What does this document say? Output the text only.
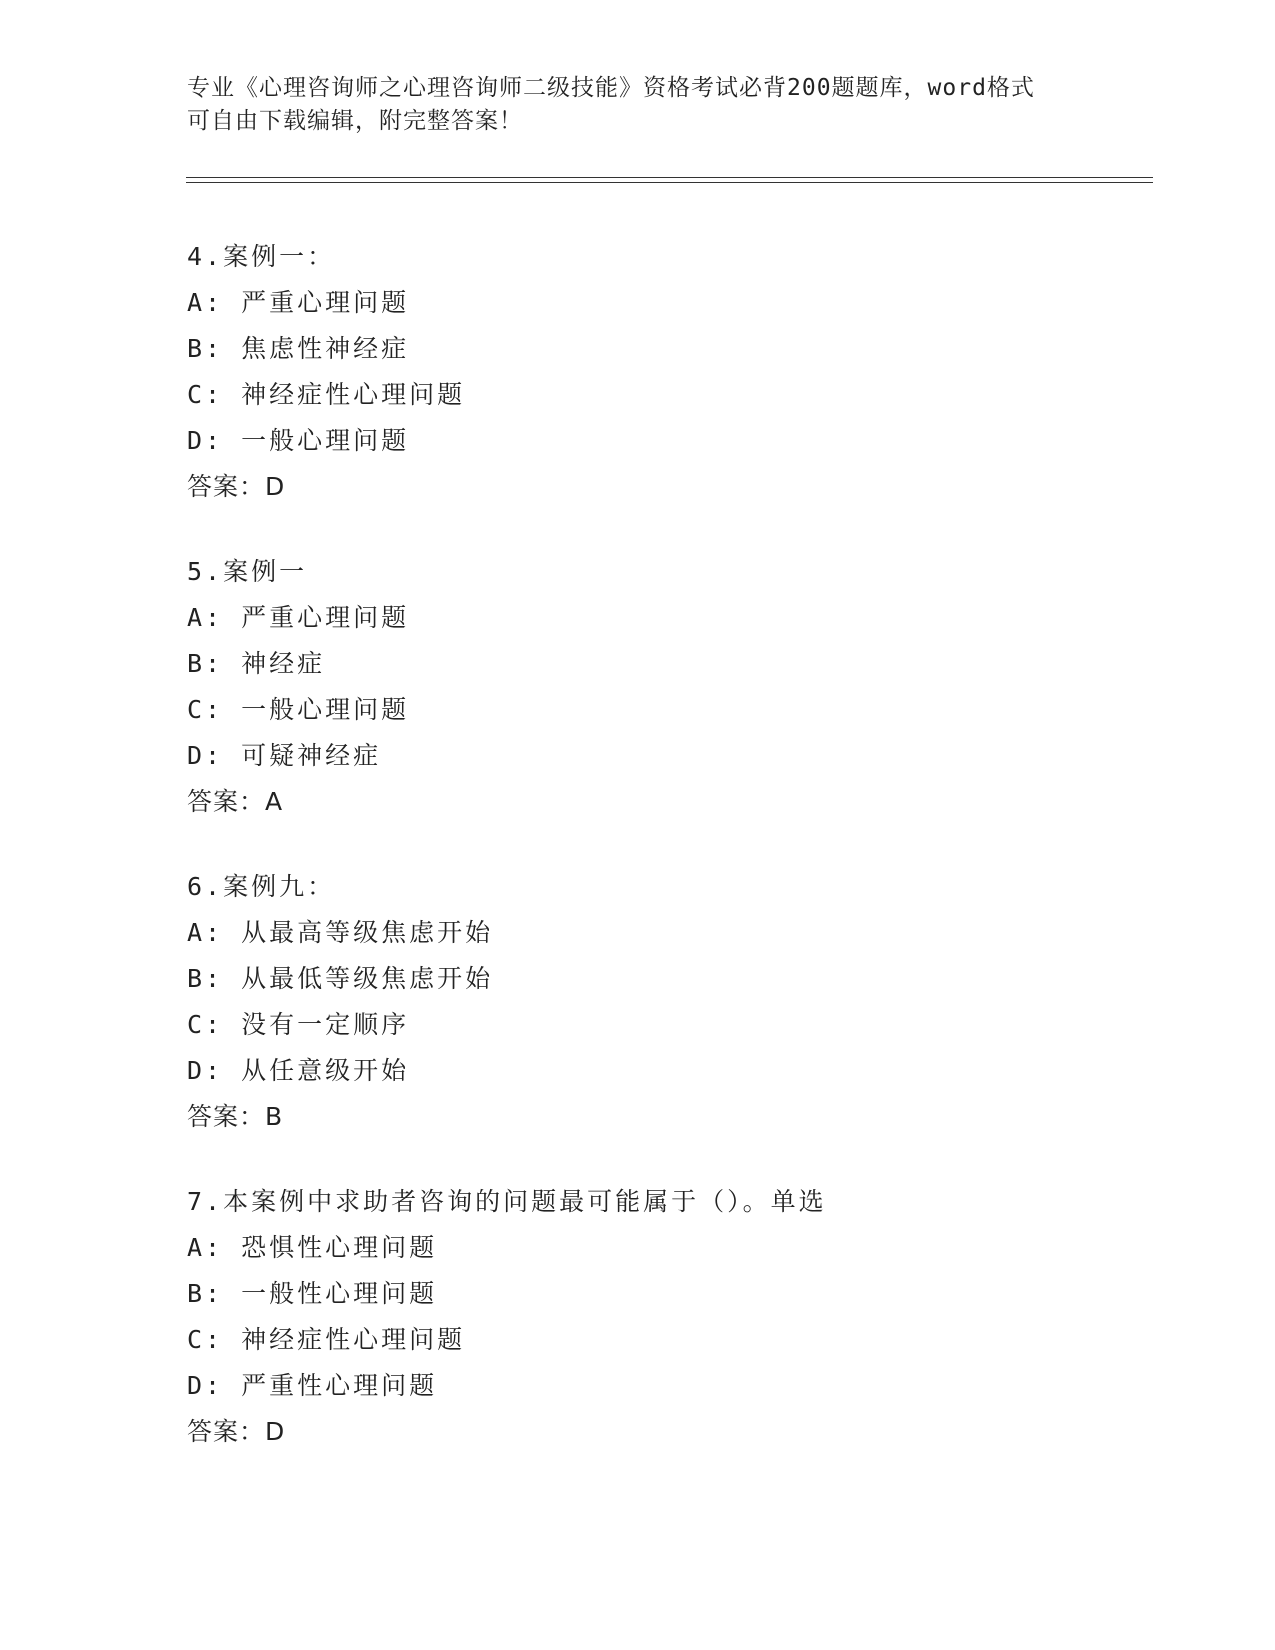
专业《心理咨询师之心理咨询师二级技能》资格考试必背200题题库，word格式
可自由下载编辑，附完整答案！
4.案例一：
A: 严重心理问题
B: 焦虑性神经症
C: 神经症性心理问题
D: 一般心理问题
答案：D
5.案例一
A: 严重心理问题
B: 神经症
C: 一般心理问题
D: 可疑神经症
答案：A
6.案例九：
A: 从最高等级焦虑开始
B: 从最低等级焦虑开始
C: 没有一定顺序
D: 从任意级开始
答案：B
7.本案例中求助者咨询的问题最可能属于（）。单选
A: 恐惧性心理问题
B: 一般性心理问题
C: 神经症性心理问题
D: 严重性心理问题
答案：D
